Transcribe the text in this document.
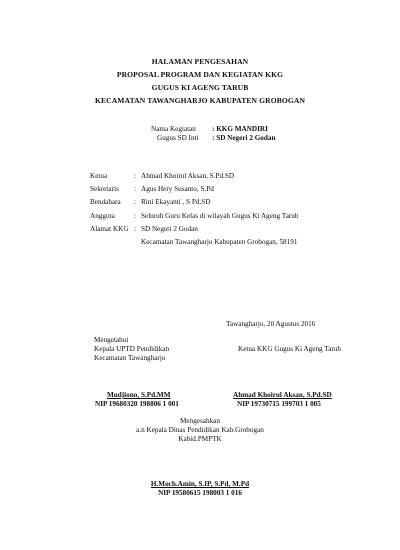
HALAMAN PENGESAHAN
PROPOSAL PROGRAM DAN KEGIATAN KKG
GUGUS KI AGENG TARUB
KECAMATAN TAWANGHARJO KABUPATEN GROBOGAN
Nama Kegiatan : KKG MANDIRI
Gugus SD Inti : SD Negeri 2 Godan
Ketua	: Ahmad Khoirul Aksan, S.Pd.SD
Sekretaris : Agus Hery Susanto, S.Pd
Bendahara : Rini Ekayanti , S Pd.SD
Anggota	: Seluruh Guru Kelas di wilayah Gugus Ki Ageng Tarub
Alamat KKG : SD Negeri 2 Godan
Kecamatan Tawangharjo Kabupaten Grobogan, 58191
Tawangharjo, 20 Agustus 2016
Mengetahui
Kepala UPTD Pendidikan	Ketua KKG Gugus Ki Ageng Tarub
Kecamatan Tawangharjo
Mudjiono, S.Pd.MM
NIP 19680320 198806 1 001
Ahmad Khoirul Aksan, S.Pd.SD
NIP 19730715 199703 1 005
Mengesahkan
a.n Kepala Dinas Pendidikan Kab.Grobogan
Kabid.PMPTK
H.Moch.Amin, S.IP, S.Pd, M.Pd
NIP 19580615 198003 1 016
